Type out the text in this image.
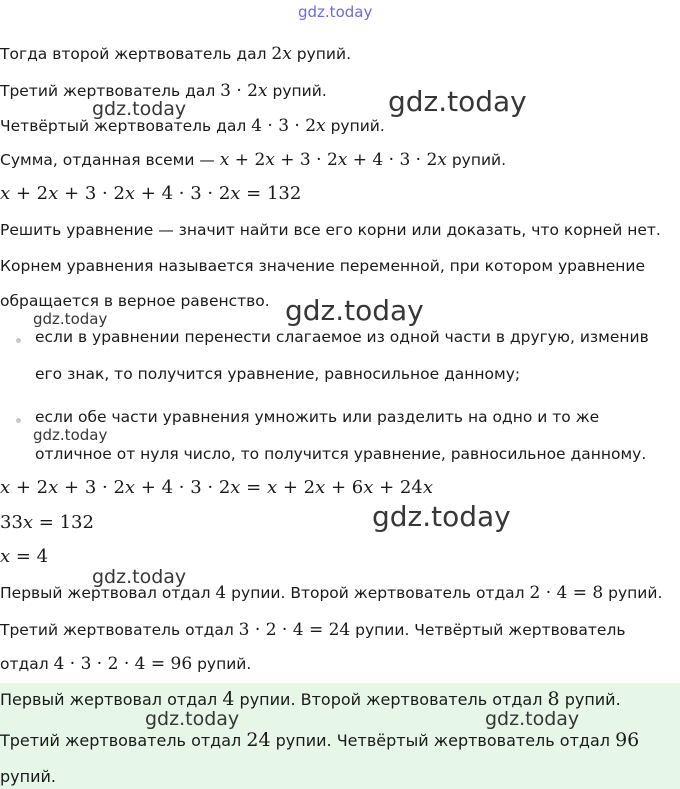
gdz.today
Тогда второй жертвователь дал 2x рупий.
Третий жертвователь дал 3 · 2x рупий.
gdz.today	gdz.today
Четвёртый жертвователь дал 4 · 3 · 2x рупий.
Сумма, отданная всеми — x + 2x + 3 · 2x + 4 · 3 · 2x рупий.
x + 2x + 3 · 2x + 4 · 3 · 2x = 132
Решить уравнение — значит найти все его корни или доказать, что корней нет.
Корнем уравнения называется значение переменной, при котором уравнение
обращается в верное равенство. gdz.today
gdz.today
если в уравнении перенести слагаемое из одной части в другую, изменив
его знак, то получится уравнение, равносильное данному;
если обе части уравнения умножить или разделить на одно и то же
gdz.today
отличное от нуля число, то получится уравнение, равносильное данному.
x + 2x + 3 · 2x + 4 · 3 · 2x = x + 2x + 6x + 24x
33x = 132	gdz.today
x = 4
gdz.today
Первый жертвовал отдал 4 рупии. Второй жертвователь отдал 2 · 4 = 8 рупий.
Третий жертвователь отдал 3 · 2 · 4 = 24 рупии. Четвёртый жертвователь
отдал 4 · 3 · 2 · 4 = 96 рупий.
Первый жертвовал отдал 4 рупии. Второй жертвователь отдал 8 рупий.
gdz.today	gdz.today
Третий жертвователь отдал 24 рупии. Четвёртый жертвователь отдал 96
рупий.
